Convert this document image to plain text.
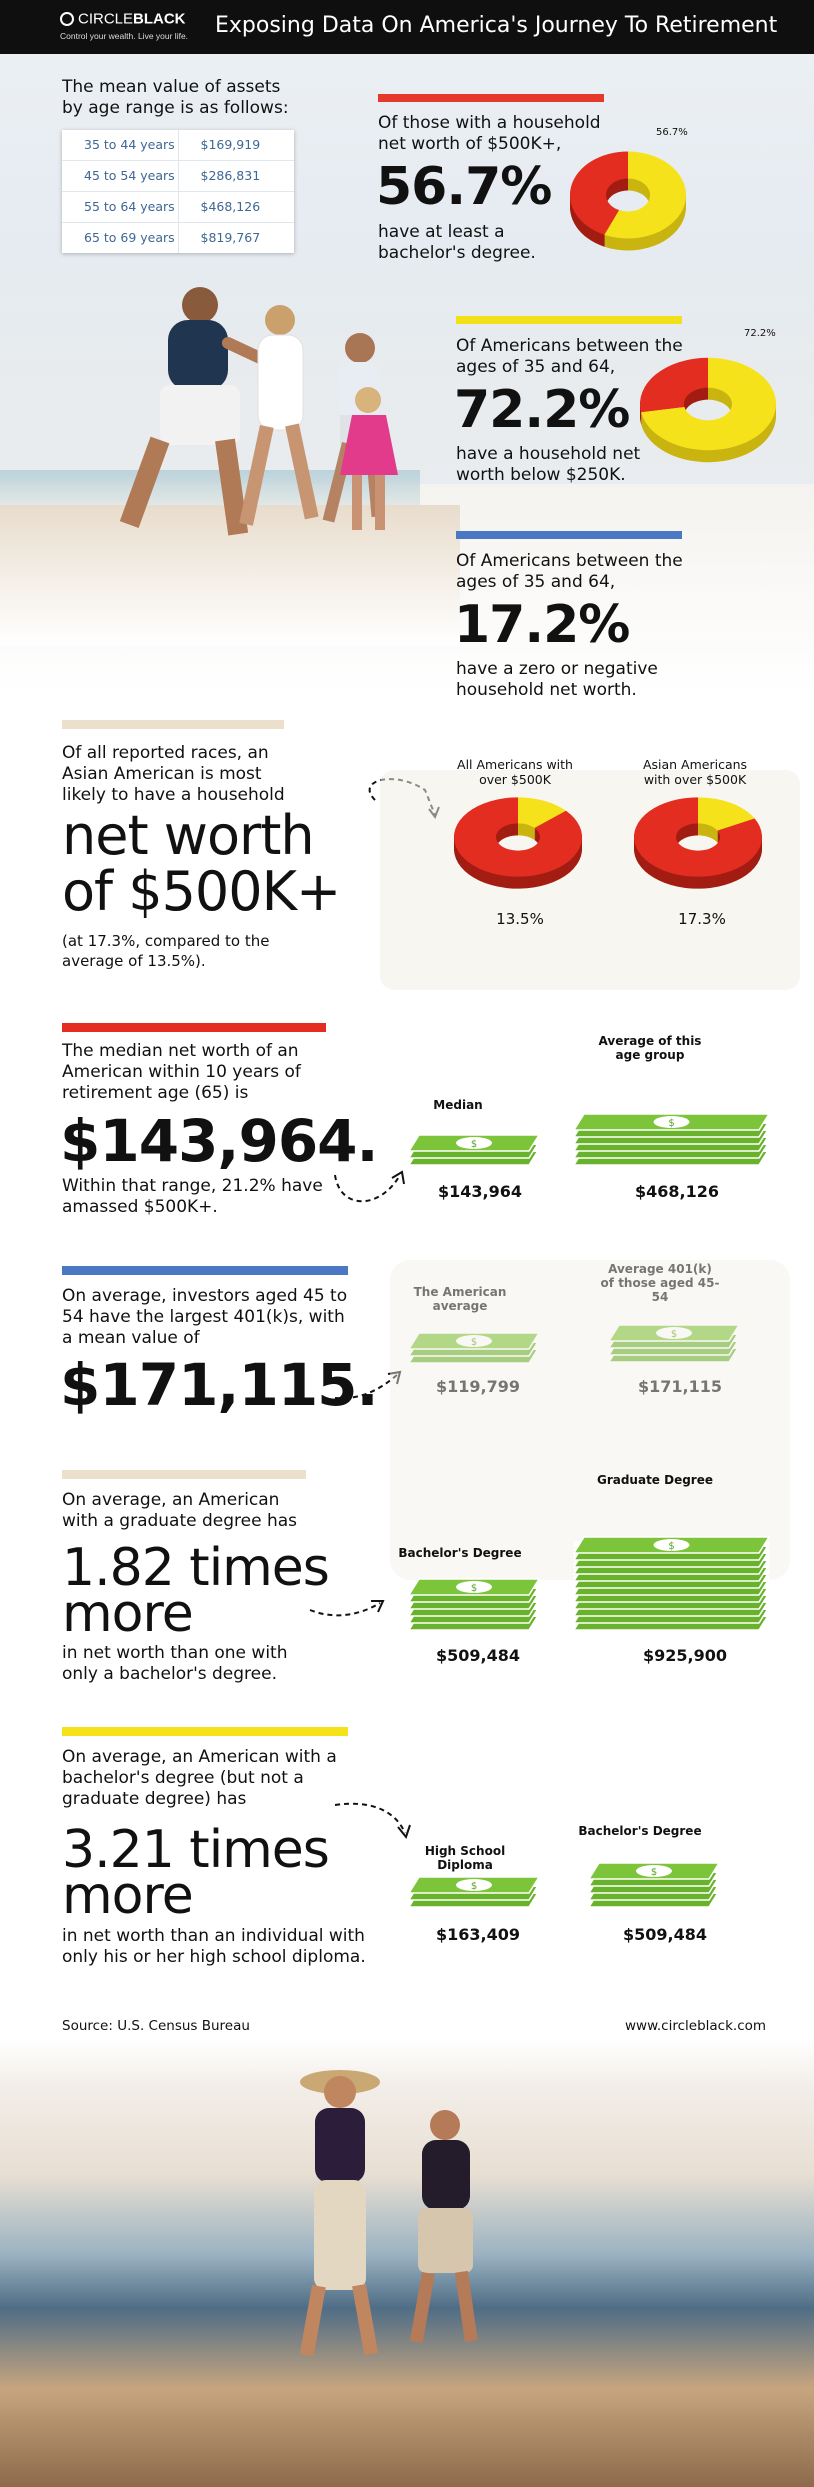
CIRCLEBLACK
Control your wealth. Live your life. Exposing Data On America's Journey To Retirement
The mean value of assets by age range is as follows:
35 to 44 years	$169,919
45 to 54 years	$286,831
55 to 64 years	$468,126
65 to 69 years	$819,767
Of those with a household net worth of $500K+,
56.7%
have at least a bachelor's degree.
56.7%
Of Americans between the ages of 35 and 64,
72.2%
have a household net worth below $250K.
72.2%
Of Americans between the ages of 35 and 64,
17.2%
have a zero or negative household net worth.
Of all reported races, an Asian American is most likely to have a household
net worth
of $500K+
(at 17.3%, compared to the average of 13.5%).
All Americans with over $500K
Asian Americans with over $500K
13.5%	17.3%
The median net worth of an American within 10 years of retirement age (65) is
$143,964.
Within that range, 21.2% have amassed $500K+.
Median
Average of this age group
$
$
$143,964	$468,126
On average, investors aged 45 to 54 have the largest 401(k)s, with a mean value of
$171,115.
The American average
Average 401(k) of those aged 45-54
$
$
$119,799	$171,115
On average, an American with a graduate degree has
1.82 times
more
in net worth than one with only a bachelor's degree.
Bachelor's Degree
Graduate Degree
$
$
$509,484	$925,900
On average, an American with a bachelor's degree (but not a graduate degree) has
3.21 times
more
in net worth than an individual with only his or her high school diploma.
High School Diploma
Bachelor's Degree
$
$
$163,409	$509,484
Source: U.S. Census Bureau	www.circleblack.com
